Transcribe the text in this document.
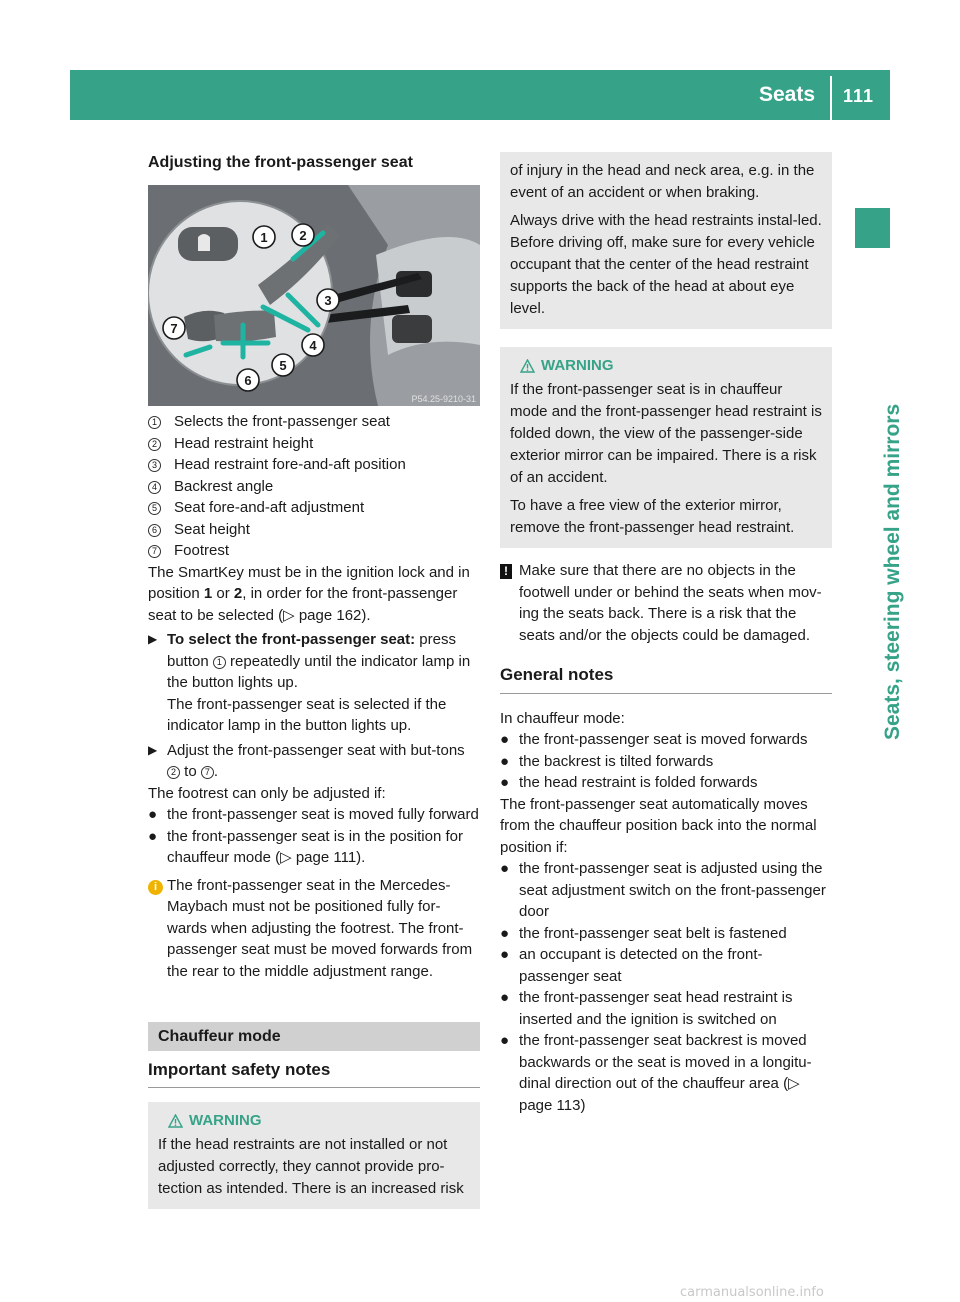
Seats 111
Seats, steering wheel and mirrors
Adjusting the front-passenger seat
1 2
3
4
5
6
7
P54.25-9210-31
1	Selects the front-passenger seat
2	Head restraint height
3	Head restraint fore-and-aft position
4	Backrest angle
5	Seat fore-and-aft adjustment
6	Seat height
7	Footrest

The SmartKey must be in the ignition lock and in position 1 or 2, in order for the front-passenger seat to be selected (▷ page 162).

▶ To select the front-passenger seat: press button 1 repeatedly until the indicator lamp in the button lights up.
The front-passenger seat is selected if the indicator lamp in the button lights up.
▶ Adjust the front-passenger seat with but-tons 2 to 7 .

The footrest can only be adjusted if:

● the front-passenger seat is moved fully forward
● the front-passenger seat is in the position for chauffeur mode (▷ page 111).
i The front-passenger seat in the Mercedes-Maybach must not be positioned fully for-wards when adjusting the footrest. The front-passenger seat must be moved forwards from the rear to the middle adjustment range.
Chauffeur mode
Important safety notes
WARNING

If the head restraints are not installed or not adjusted correctly, they cannot provide pro-tection as intended. There is an increased risk

of injury in the head and neck area, e.g. in the event of an accident or when braking.

Always drive with the head restraints instal-led. Before driving off, make sure for every vehicle occupant that the center of the head restraint supports the back of the head at about eye level.

WARNING

If the front-passenger seat is in chauffeur mode and the front-passenger head restraint is folded down, the view of the passenger-side exterior mirror can be impaired. There is a risk of an accident.

To have a free view of the exterior mirror, remove the front-passenger head restraint.

! Make sure that there are no objects in the footwell under or behind the seats when mov-ing the seats back. There is a risk that the seats and/or the objects could be damaged.
General notes

In chauffeur mode:

● the front-passenger seat is moved forwards
● the backrest is tilted forwards
● the head restraint is folded forwards

The front-passenger seat automatically moves from the chauffeur position back into the normal position if:

● the front-passenger seat is adjusted using the seat adjustment switch on the front-passenger door
● the front-passenger seat belt is fastened
● an occupant is detected on the front-passenger seat
● the front-passenger seat head restraint is inserted and the ignition is switched on
● the front-passenger seat backrest is moved backwards or the seat is moved in a longitu-dinal direction out of the chauffeur area (▷ page 113)
carmanualsonline.info
